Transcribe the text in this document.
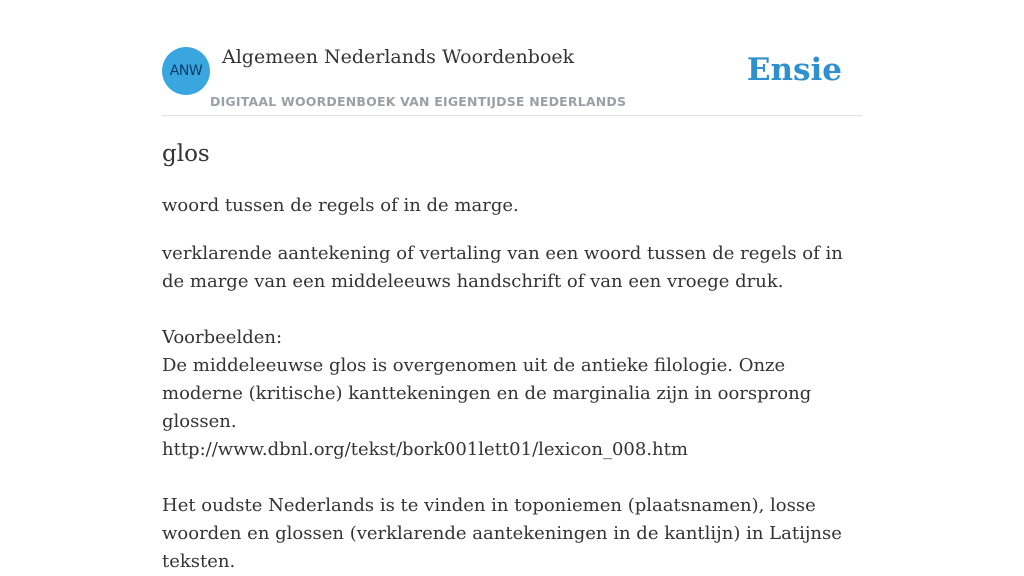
ANW
Algemeen Nederlands Woordenboek
DIGITAAL WOORDENBOEK VAN EIGENTIJDSE NEDERLANDS
Ensie
glos

woord tussen de regels of in de marge.

verklarende aantekening of vertaling van een woord tussen de regels of in de marge van een middeleeuws handschrift of van een vroege druk.

Voorbeelden:

De middeleeuwse glos is overgenomen uit de antieke filologie. Onze moderne (kritische) kanttekeningen en de marginalia zijn in oorsprong glossen.

http://www.dbnl.org/tekst/bork001lett01/lexicon_008.htm

Het oudste Nederlands is te vinden in toponiemen (plaatsnamen), losse woorden en glossen (verklarende aantekeningen in de kantlijn) in Latijnse teksten.
